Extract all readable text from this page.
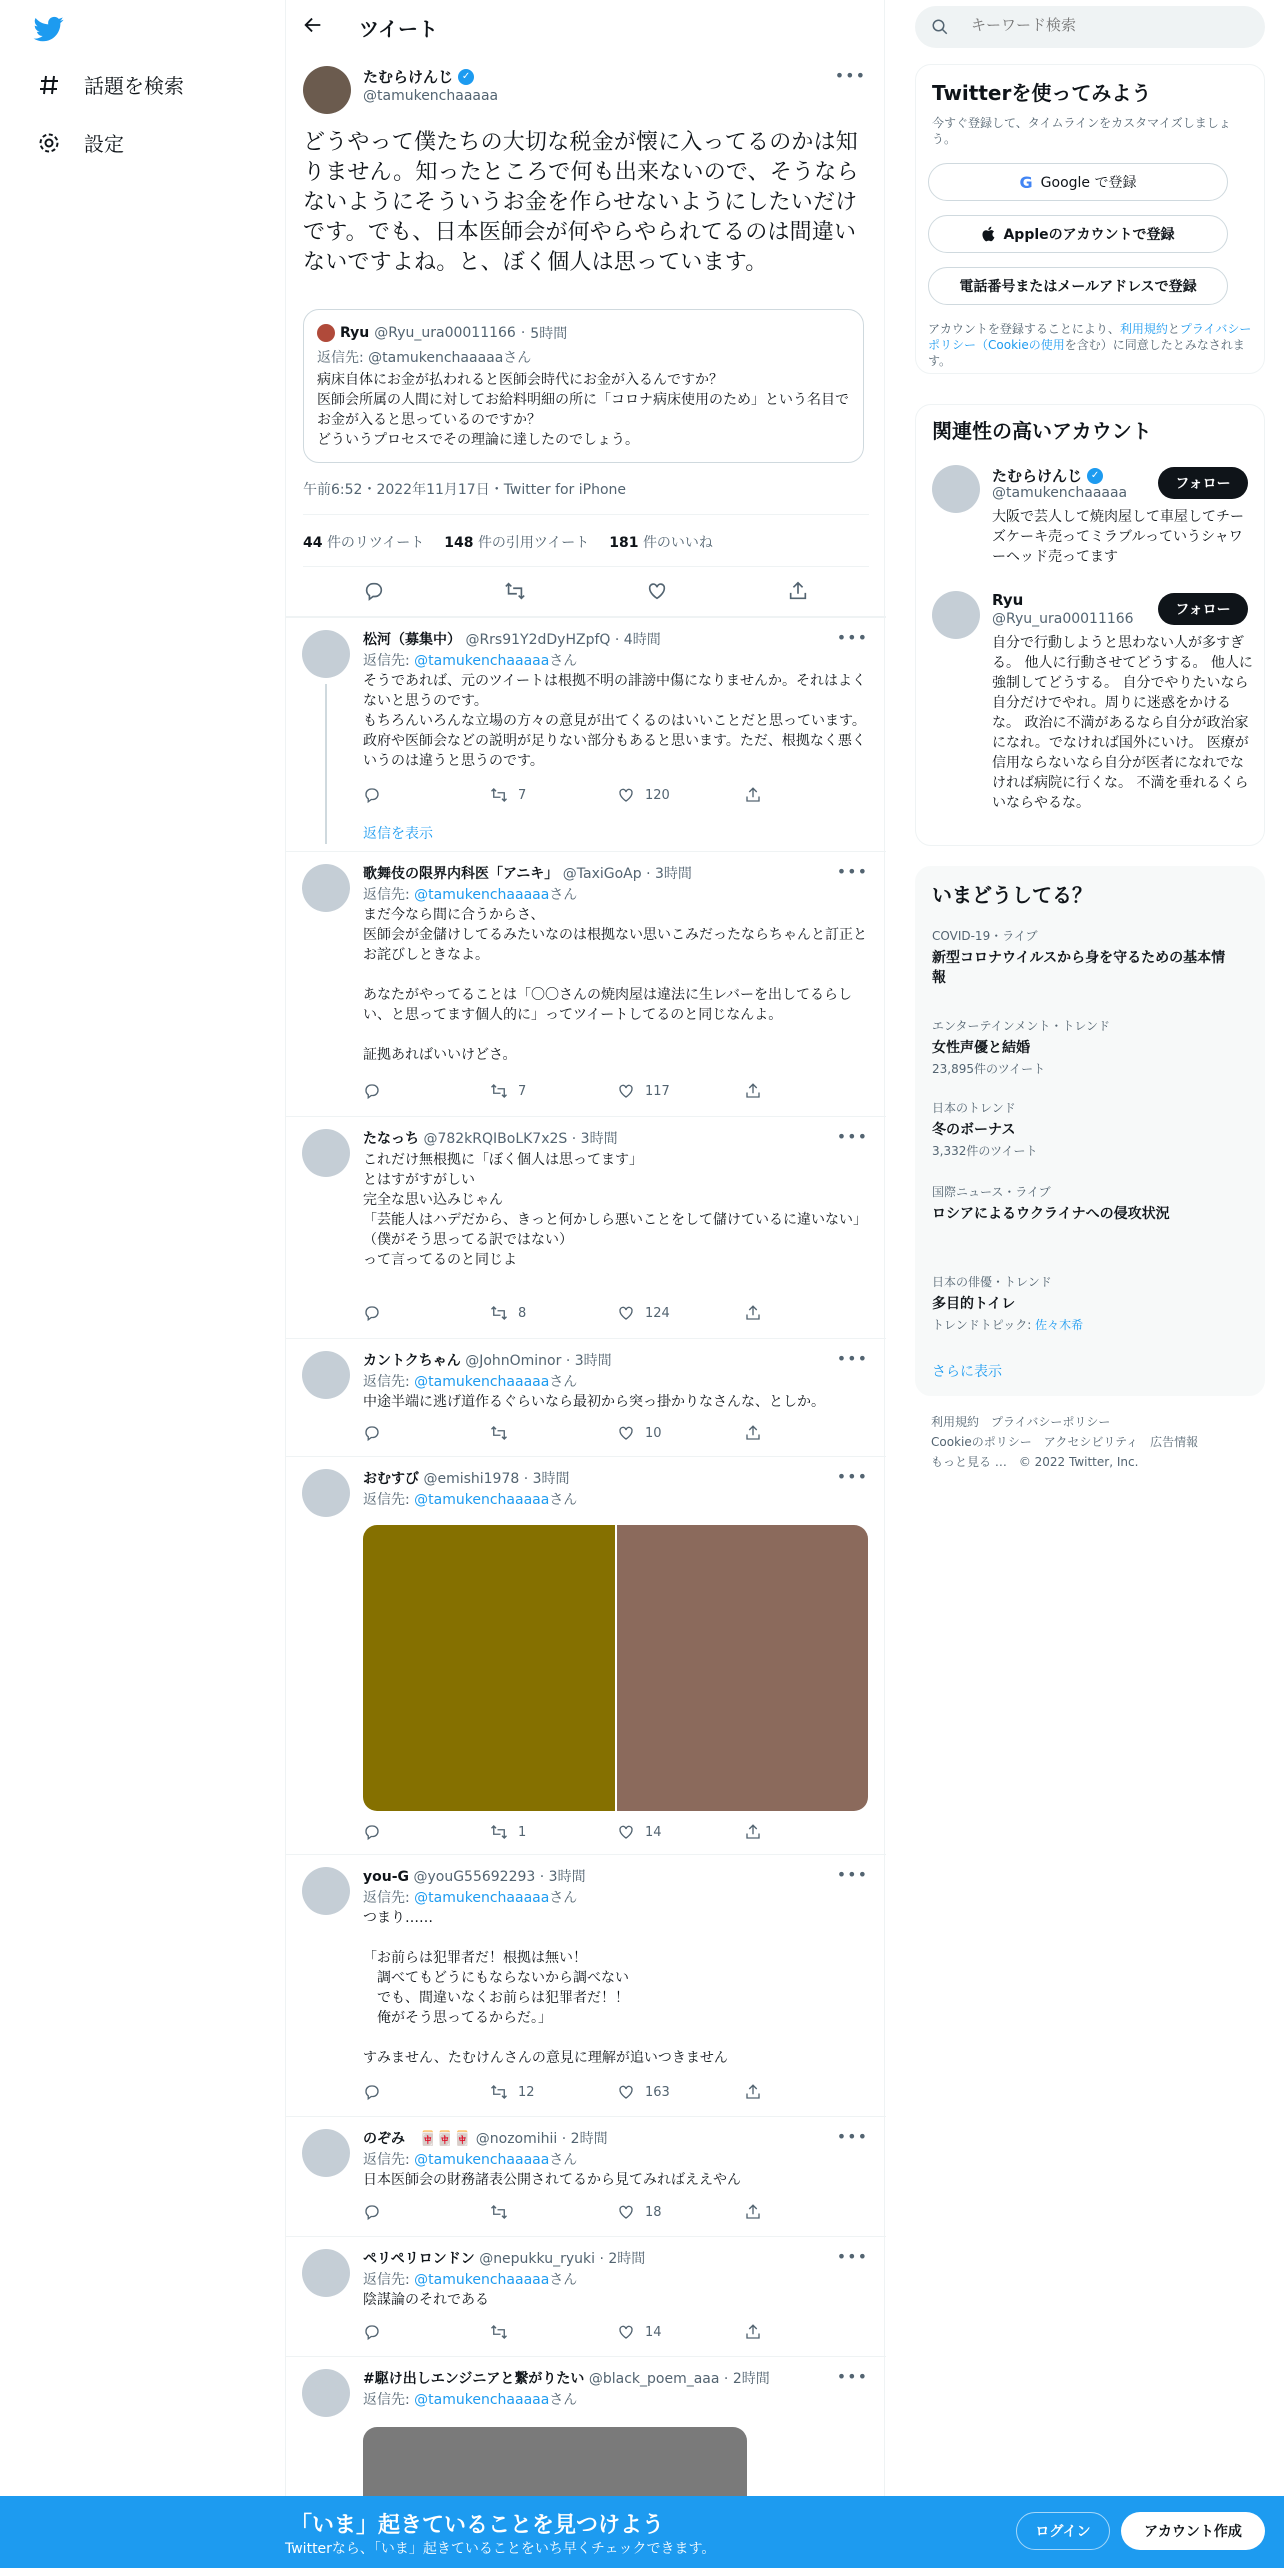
話題を検索
設定
ツイート
たむらけんじ ✓
@tamukenchaaaaa
•••
どうやって僕たちの大切な税金が懐に入ってるのかは知りません。知ったところで何も出来ないので、そうならないようにそういうお金を作らせないようにしたいだけです。でも、日本医師会が何やらやられてるのは間違いないですよね。と、ぼく個人は思っています。
Ryu @Ryu_ura00011166 · 5時間
返信先: @tamukenchaaaaaさん
病床自体にお金が払われると医師会時代にお金が入るんですか？
医師会所属の人間に対してお給料明細の所に「コロナ病床使用のため」という名目でお金が入ると思っているのですか？
どういうプロセスでその理論に達したのでしょう。
午前6:52・2022年11月17日・Twitter for iPhone
44 件のリツイート 148 件の引用ツイート 181 件のいいね
松河（募集中） @Rrs91Y2dDyHZpfQ · 4時間	•••
返信先: @tamukenchaaaaaさん
そうであれば、元のツイートは根拠不明の誹謗中傷になりませんか。それはよくないと思うのです。
もちろんいろんな立場の方々の意見が出てくるのはいいことだと思っています。政府や医師会などの説明が足りない部分もあると思います。ただ、根拠なく悪くいうのは違うと思うのです。
7	120
返信を表示
歌舞伎の限界内科医「アニキ」 @TaxiGoAp · 3時間	•••
返信先: @tamukenchaaaaaさん
まだ今なら間に合うからさ、
医師会が金儲けしてるみたいなのは根拠ない思いこみだったならちゃんと訂正とお詫びしときなよ。

あなたがやってることは「〇〇さんの焼肉屋は違法に生レバーを出してるらしい、と思ってます個人的に」ってツイートしてるのと同じなんよ。

証拠あればいいけどさ。
7	117
たなっち @782kRQIBoLK7x2S · 3時間	•••
これだけ無根拠に「ぼく個人は思ってます」
とはすがすがしい
完全な思い込みじゃん
「芸能人はハデだから、きっと何かしら悪いことをして儲けているに違いない」（僕がそう思ってる訳ではない）
って言ってるのと同じよ
8	124
カントクちゃん @JohnOminor · 3時間	•••
返信先: @tamukenchaaaaaさん
中途半端に逃げ道作るぐらいなら最初から突っ掛かりなさんな、としか。
10
おむすび @emishi1978 · 3時間	•••
返信先: @tamukenchaaaaaさん
1	14
you-G @youG55692293 · 3時間	•••
返信先: @tamukenchaaaaaさん
つまり……

「お前らは犯罪者だ！根拠は無い！
　調べてもどうにもならないから調べない
　でも、間違いなくお前らは犯罪者だ！！
　俺がそう思ってるからだ。」

すみません、たむけんさんの意見に理解が追いつきません
12	163
のぞみ　🀄🀄🀄 @nozomihii · 2時間	•••
返信先: @tamukenchaaaaaさん
日本医師会の財務諸表公開されてるから見てみればええやん
18
ペリペリロンドン @nepukku_ryuki · 2時間	•••
返信先: @tamukenchaaaaaさん
陰謀論のそれである
14
#駆け出しエンジニアと繋がりたい @black_poem_aaa · 2時間	•••
返信先: @tamukenchaaaaaさん
キーワード検索
Twitterを使ってみよう
今すぐ登録して、タイムラインをカスタマイズしましょう。
G Google で登録
Appleのアカウントで登録
電話番号またはメールアドレスで登録
アカウントを登録することにより、利用規約とプライバシーポリシー（Cookieの使用を含む）に同意したとみなされます。
関連性の高いアカウント
たむらけんじ ✓
@tamukenchaaaaa
フォロー
大阪で芸人して焼肉屋して車屋してチーズケーキ売ってミラブルっていうシャワーヘッド売ってます
Ryu
@Ryu_ura00011166
フォロー
自分で行動しようと思わない人が多すぎる。 他人に行動させてどうする。 他人に強制してどうする。 自分でやりたいなら自分だけでやれ。周りに迷惑をかけるな。 政治に不満があるなら自分が政治家になれ。でなければ国外にいけ。 医療が信用ならないなら自分が医者になれでなければ病院に行くな。 不満を垂れるくらいならやるな。
いまどうしてる？
COVID-19・ライブ
新型コロナウイルスから身を守るための基本情報
エンターテインメント・トレンド
女性声優と結婚
23,895件のツイート
日本のトレンド
冬のボーナス
3,332件のツイート
国際ニュース・ライブ
ロシアによるウクライナへの侵攻状況
日本の俳優・トレンド
多目的トイレ
トレンドトピック: 佐々木希
さらに表示
利用規約　プライバシーポリシー
Cookieのポリシー　アクセシビリティ　広告情報
もっと見る …　© 2022 Twitter, Inc.
「いま」起きていることを見つけよう
Twitterなら、「いま」起きていることをいち早くチェックできます。
ログイン	アカウント作成
